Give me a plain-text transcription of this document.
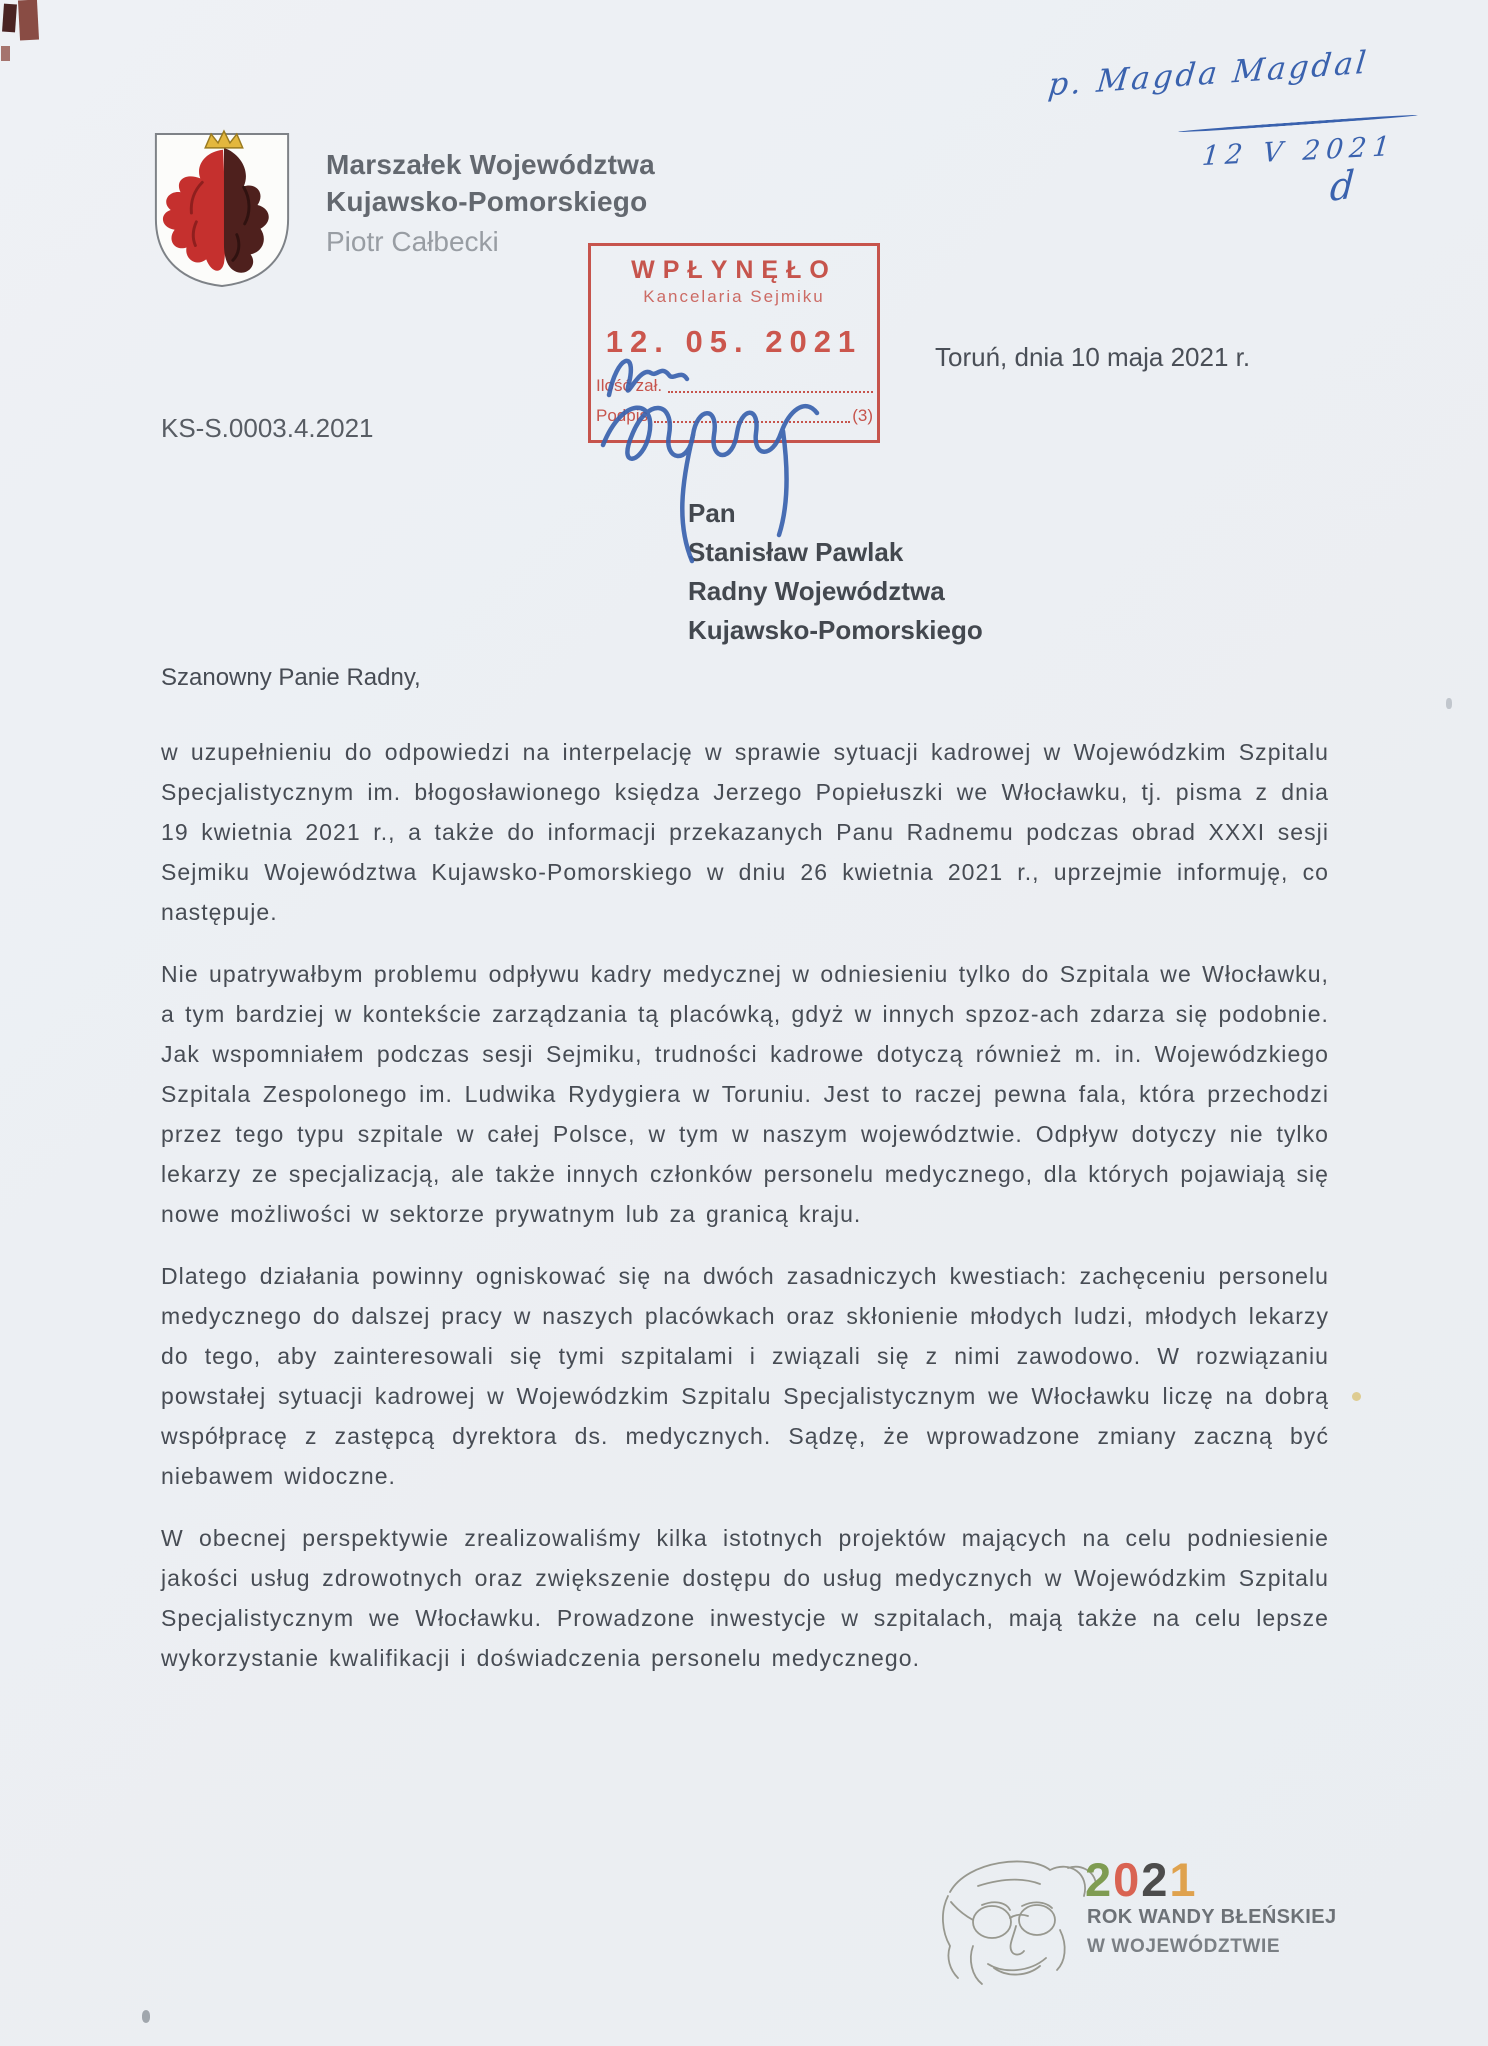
p. Magda Magdal
12 V 2021
d
Marszałek Województwa
Kujawsko-Pomorskiego
Piotr Całbecki
WPŁYNĘŁO
Kancelaria Sejmiku
12. 05. 2021
Ilość zał.
Podpis	(3)
Toruń, dnia 10 maja 2021 r.
KS-S.0003.4.2021
Pan
Stanisław Pawlak
Radny Województwa
Kujawsko-Pomorskiego

Szanowny Panie Radny,

w uzupełnieniu do odpowiedzi na interpelację w sprawie sytuacji kadrowej w Wojewódzkim Szpitalu Specjalistycznym im. błogosławionego księdza Jerzego Popiełuszki we Włocławku, tj. pisma z dnia 19 kwietnia 2021 r., a także do informacji przekazanych Panu Radnemu podczas obrad XXXI sesji Sejmiku Województwa Kujawsko-Pomorskiego w dniu 26 kwietnia 2021 r., uprzejmie informuję, co następuje.

Nie upatrywałbym problemu odpływu kadry medycznej w odniesieniu tylko do Szpitala we Włocławku, a tym bardziej w kontekście zarządzania tą placówką, gdyż w innych spzoz-ach zdarza się podobnie. Jak wspomniałem podczas sesji Sejmiku, trudności kadrowe dotyczą również m. in. Wojewódzkiego Szpitala Zespolonego im. Ludwika Rydygiera w Toruniu. Jest to raczej pewna fala, która przechodzi przez tego typu szpitale w całej Polsce, w tym w naszym województwie. Odpływ dotyczy nie tylko lekarzy ze specjalizacją, ale także innych członków personelu medycznego, dla których pojawiają się nowe możliwości w sektorze prywatnym lub za granicą kraju.

Dlatego działania powinny ogniskować się na dwóch zasadniczych kwestiach: zachęceniu personelu medycznego do dalszej pracy w naszych placówkach oraz skłonienie młodych ludzi, młodych lekarzy do tego, aby zainteresowali się tymi szpitalami i związali się z nimi zawodowo. W rozwiązaniu powstałej sytuacji kadrowej w Wojewódzkim Szpitalu Specjalistycznym we Włocławku liczę na dobrą współpracę z zastępcą dyrektora ds. medycznych. Sądzę, że wprowadzone zmiany zaczną być niebawem widoczne.

W obecnej perspektywie zrealizowaliśmy kilka istotnych projektów mających na celu podniesienie jakości usług zdrowotnych oraz zwiększenie dostępu do usług medycznych w Wojewódzkim Szpitalu Specjalistycznym we Włocławku. Prowadzone inwestycje w szpitalach, mają także na celu lepsze wykorzystanie kwalifikacji i doświadczenia personelu medycznego.

2021
ROK WANDY BŁEŃSKIEJ
W WOJEWÓDZTWIE
